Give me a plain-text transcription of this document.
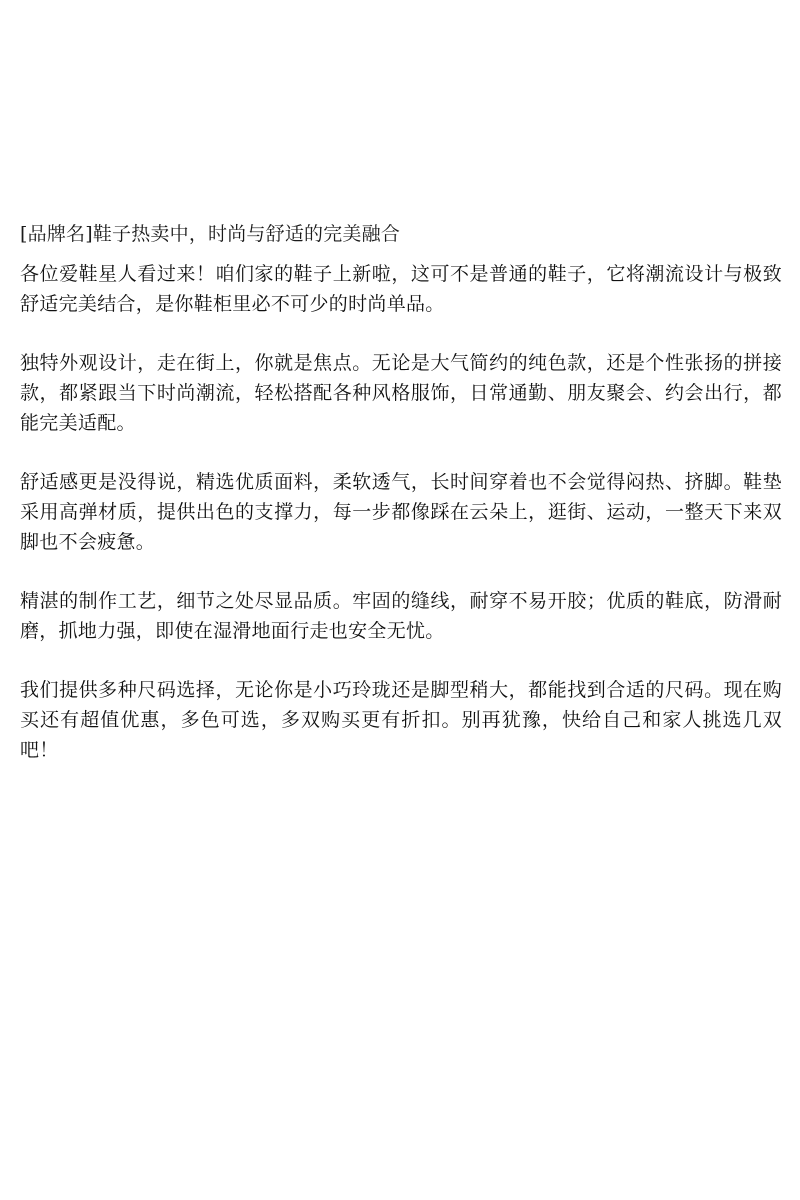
[品牌名]鞋子热卖中，时尚与舒适的完美融合

各位爱鞋星人看过来！咱们家的鞋子上新啦，这可不是普通的鞋子，它将潮流设计与极致舒适完美结合，是你鞋柜里必不可少的时尚单品。

独特外观设计，走在街上，你就是焦点。无论是大气简约的纯色款，还是个性张扬的拼接款，都紧跟当下时尚潮流，轻松搭配各种风格服饰，日常通勤、朋友聚会、约会出行，都能完美适配。

舒适感更是没得说，精选优质面料，柔软透气，长时间穿着也不会觉得闷热、挤脚。鞋垫采用高弹材质，提供出色的支撑力，每一步都像踩在云朵上，逛街、运动，一整天下来双脚也不会疲惫。

精湛的制作工艺，细节之处尽显品质。牢固的缝线，耐穿不易开胶；优质的鞋底，防滑耐磨，抓地力强，即使在湿滑地面行走也安全无忧。

我们提供多种尺码选择，无论你是小巧玲珑还是脚型稍大，都能找到合适的尺码。现在购买还有超值优惠，多色可选，多双购买更有折扣。别再犹豫，快给自己和家人挑选几双吧！
